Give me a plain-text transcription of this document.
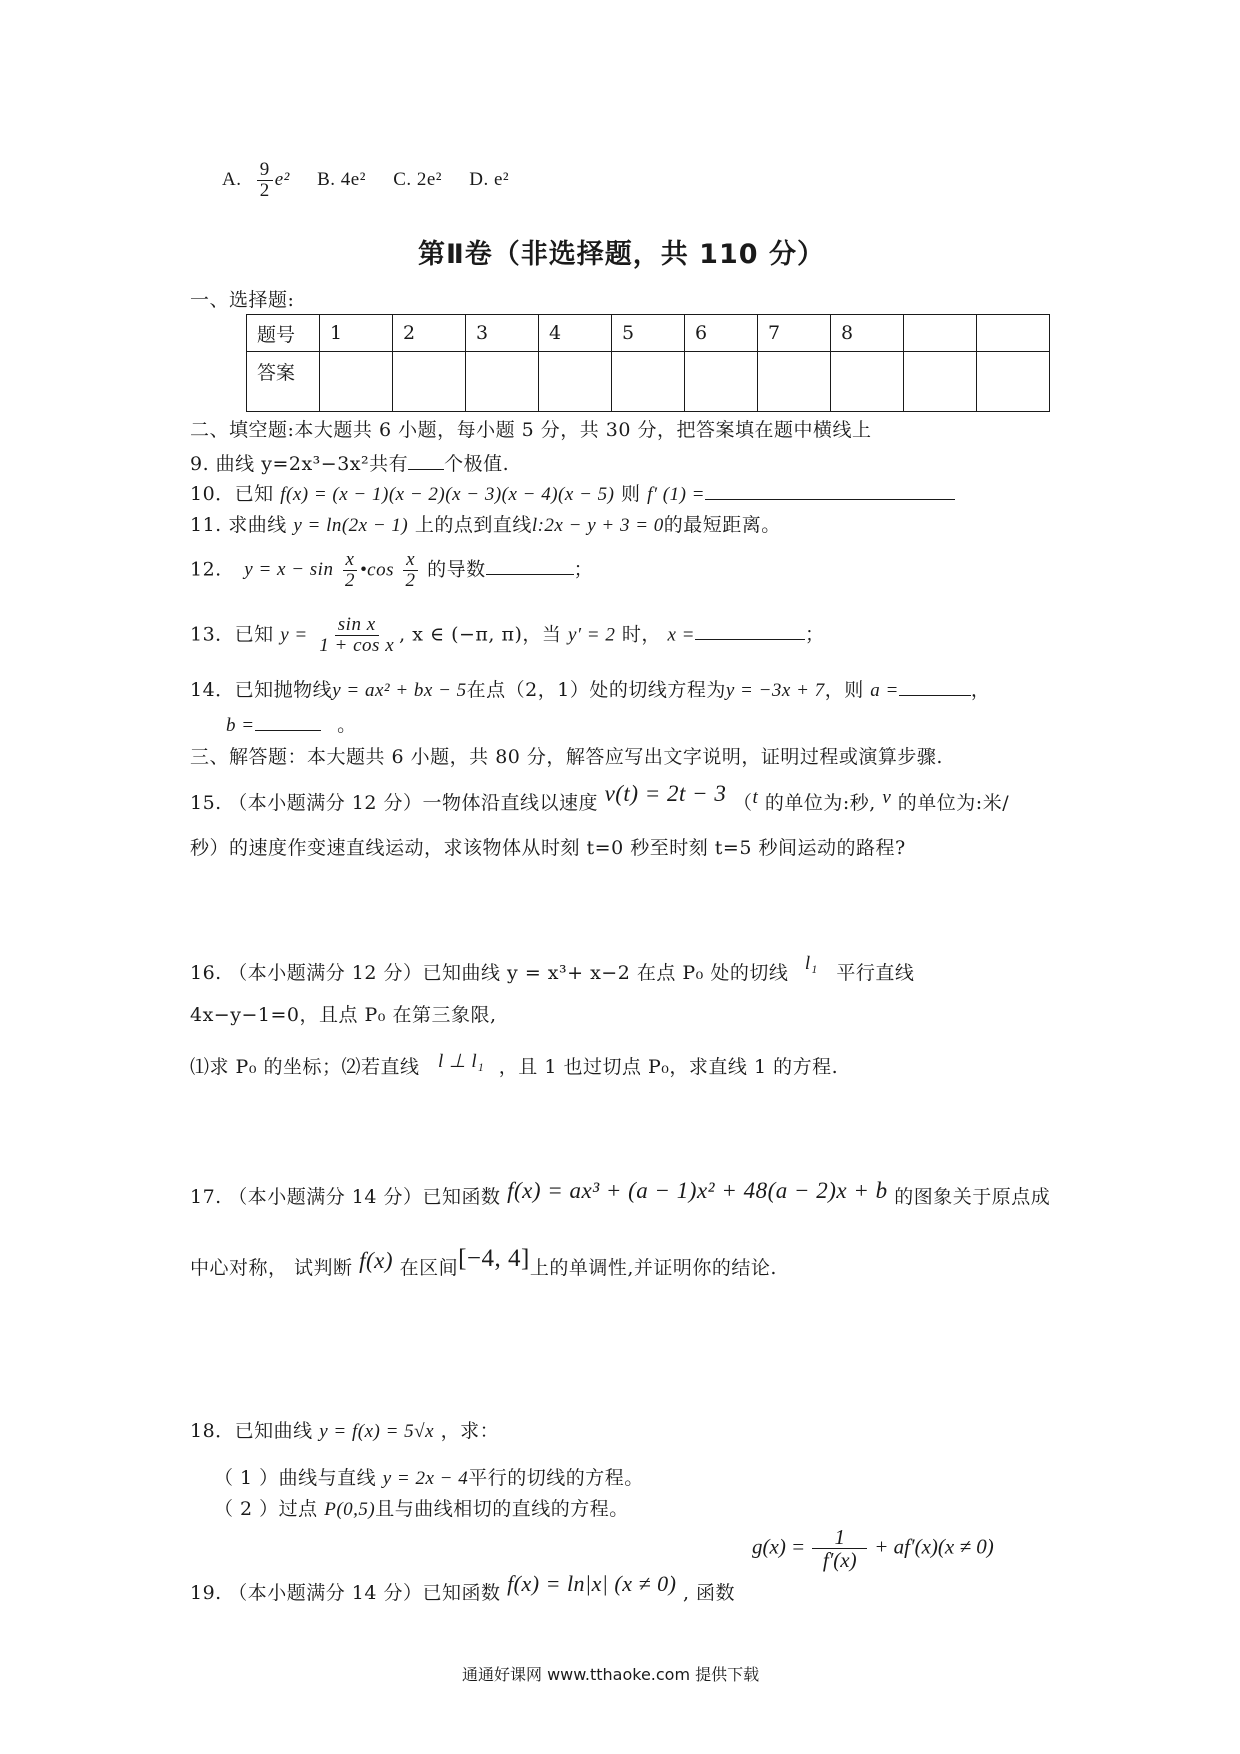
A. $\frac{9}{2} e^2$ B. 4e² C. 2e² D. e²
第Ⅱ卷（非选择题，共 110 分）
一、选择题:
题号	1	2	3	4	5	6	7	8		
答案										
二、填空题:本大题共 6 小题，每小题 5 分，共 30 分，把答案填在题中横线上
9. 曲线 y=2x³−3x²共有 个极值.
10．已知 f(x) = (x − 1)(x − 2)(x − 3)(x − 4)(x − 5) 则 f′ (1) =
11. 求曲线 y = ln(2x − 1) 上的点到直线l:2x − y + 3 = 0的最短距离。
12. $y = x - \sin \frac{x}{2}$ •cos $\frac{x}{2}$ 的导数	；
13．已知 $y = \frac{\text{sin x}}{\text{1 + cos x}}$ , x ∈ (−π, π)，当 y′ = 2 时， x =	；
14．已知抛物线y = ax² + bx − 5在点（2，1）处的切线方程为y = −3x + 7，则 a =	，
b =	。
三、解答题：本大题共 6 小题，共 80 分，解答应写出文字说明，证明过程或演算步骤.
15. （本小题满分 12 分）一物体沿直线以速度 v(t) = 2t − 3 （t 的单位为:秒, v 的单位为:米/
秒）的速度作变速直线运动，求该物体从时刻 t=0 秒至时刻 t=5 秒间运动的路程?
16. （本小题满分 12 分）已知曲线 y = x³+ x−2 在点 P₀ 处的切线 l₁ 平行直线
4x−y−1=0，且点 P₀ 在第三象限,
⑴求 P₀ 的坐标；⑵若直线 l ⊥ l₁ ，且 1 也过切点 P₀，求直线 1 的方程.
17. （本小题满分 14 分）已知函数 f(x) = ax³ + (a − 1)x² + 48(a − 2)x + b 的图象关于原点成
中心对称， 试判断 f(x) 在区间[−4, 4]上的单调性,并证明你的结论.
18．已知曲线 y = f(x) = 5√x ，求：
（ 1 ）曲线与直线 y = 2x − 4平行的切线的方程。
（ 2 ）过点 P(0,5)且与曲线相切的直线的方程。
19. （本小题满分 14 分）已知函数 f(x) = ln|x| (x ≠ 0) , 函数
$g(x) = \frac{1}{f'(x)} + af'(x)(x \ne 0)$
通通好课网 www.tthaoke.com 提供下载
